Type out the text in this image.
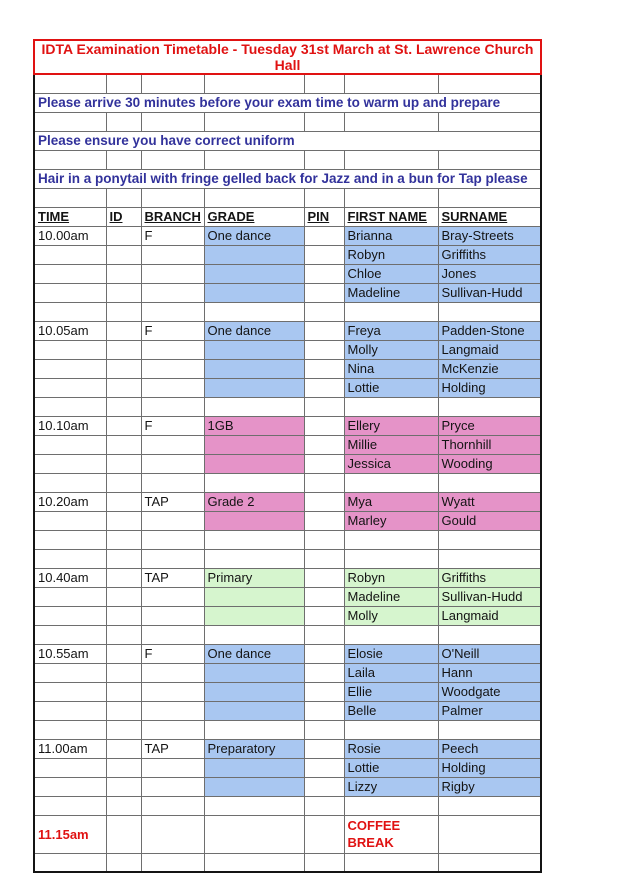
IDTA Examination Timetable - Tuesday 31st March at St. Lawrence Church Hall						

Please arrive 30 minutes before your exam time to warm up and prepare						

Please ensure you have correct uniform						

Hair in a ponytail with fringe gelled back for Jazz and in a bun for Tap please						

TIME	ID	BRANCH	GRADE	PIN	FIRST NAME	SURNAME
10.00am		F	One dance		Brianna	Bray-Streets
					Robyn	Griffiths
					Chloe	Jones
					Madeline	Sullivan-Hudd

10.05am		F	One dance		Freya	Padden-Stone
					Molly	Langmaid
					Nina	McKenzie
					Lottie	Holding

10.10am		F	1GB		Ellery	Pryce
					Millie	Thornhill
					Jessica	Wooding

10.20am		TAP	Grade 2		Mya	Wyatt
					Marley	Gould

10.40am		TAP	Primary		Robyn	Griffiths
					Madeline	Sullivan-Hudd
					Molly	Langmaid

10.55am		F	One dance		Elosie	O'Neill
					Laila	Hann
					Ellie	Woodgate
					Belle	Palmer

11.00am		TAP	Preparatory		Rosie	Peech
					Lottie	Holding
					Lizzy	Rigby

11.15am					COFFEE BREAK	
